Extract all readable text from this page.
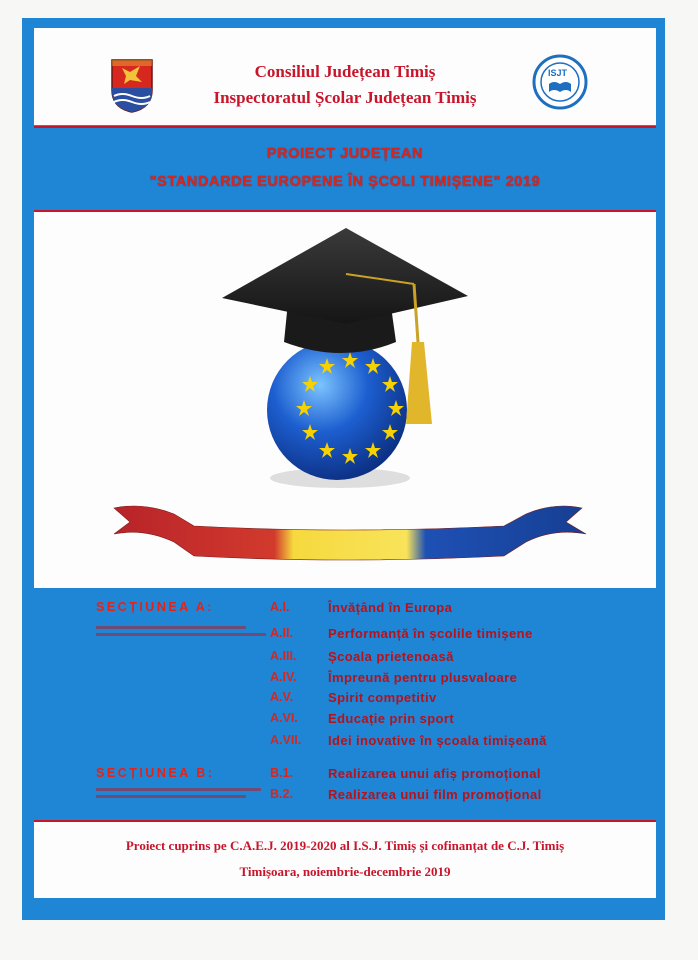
Consiliul Județean Timiș
Inspectoratul Școlar Județean Timiș
ISJT
PROIECT JUDEȚEAN
"STANDARDE EUROPENE ÎN ȘCOLI TIMIȘENE" 2019
SECȚIUNEA A:	A.I.	Învățând în Europa
A.II.	Performanță în școlile timișene
A.III. Școala prietenoasă
A.IV. Împreună pentru plusvaloare
A.V.	Spirit competitiv
A.VI. Educație prin sport
A.VII. Idei inovative în școala timișeană
SECȚIUNEA B:	B.1.	Realizarea unui afiș promoțional
B.2.	Realizarea unui film promoțional
Proiect cuprins pe C.A.E.J. 2019-2020 al I.S.J. Timiș și cofinanțat de C.J. Timiș
Timișoara, noiembrie-decembrie 2019
